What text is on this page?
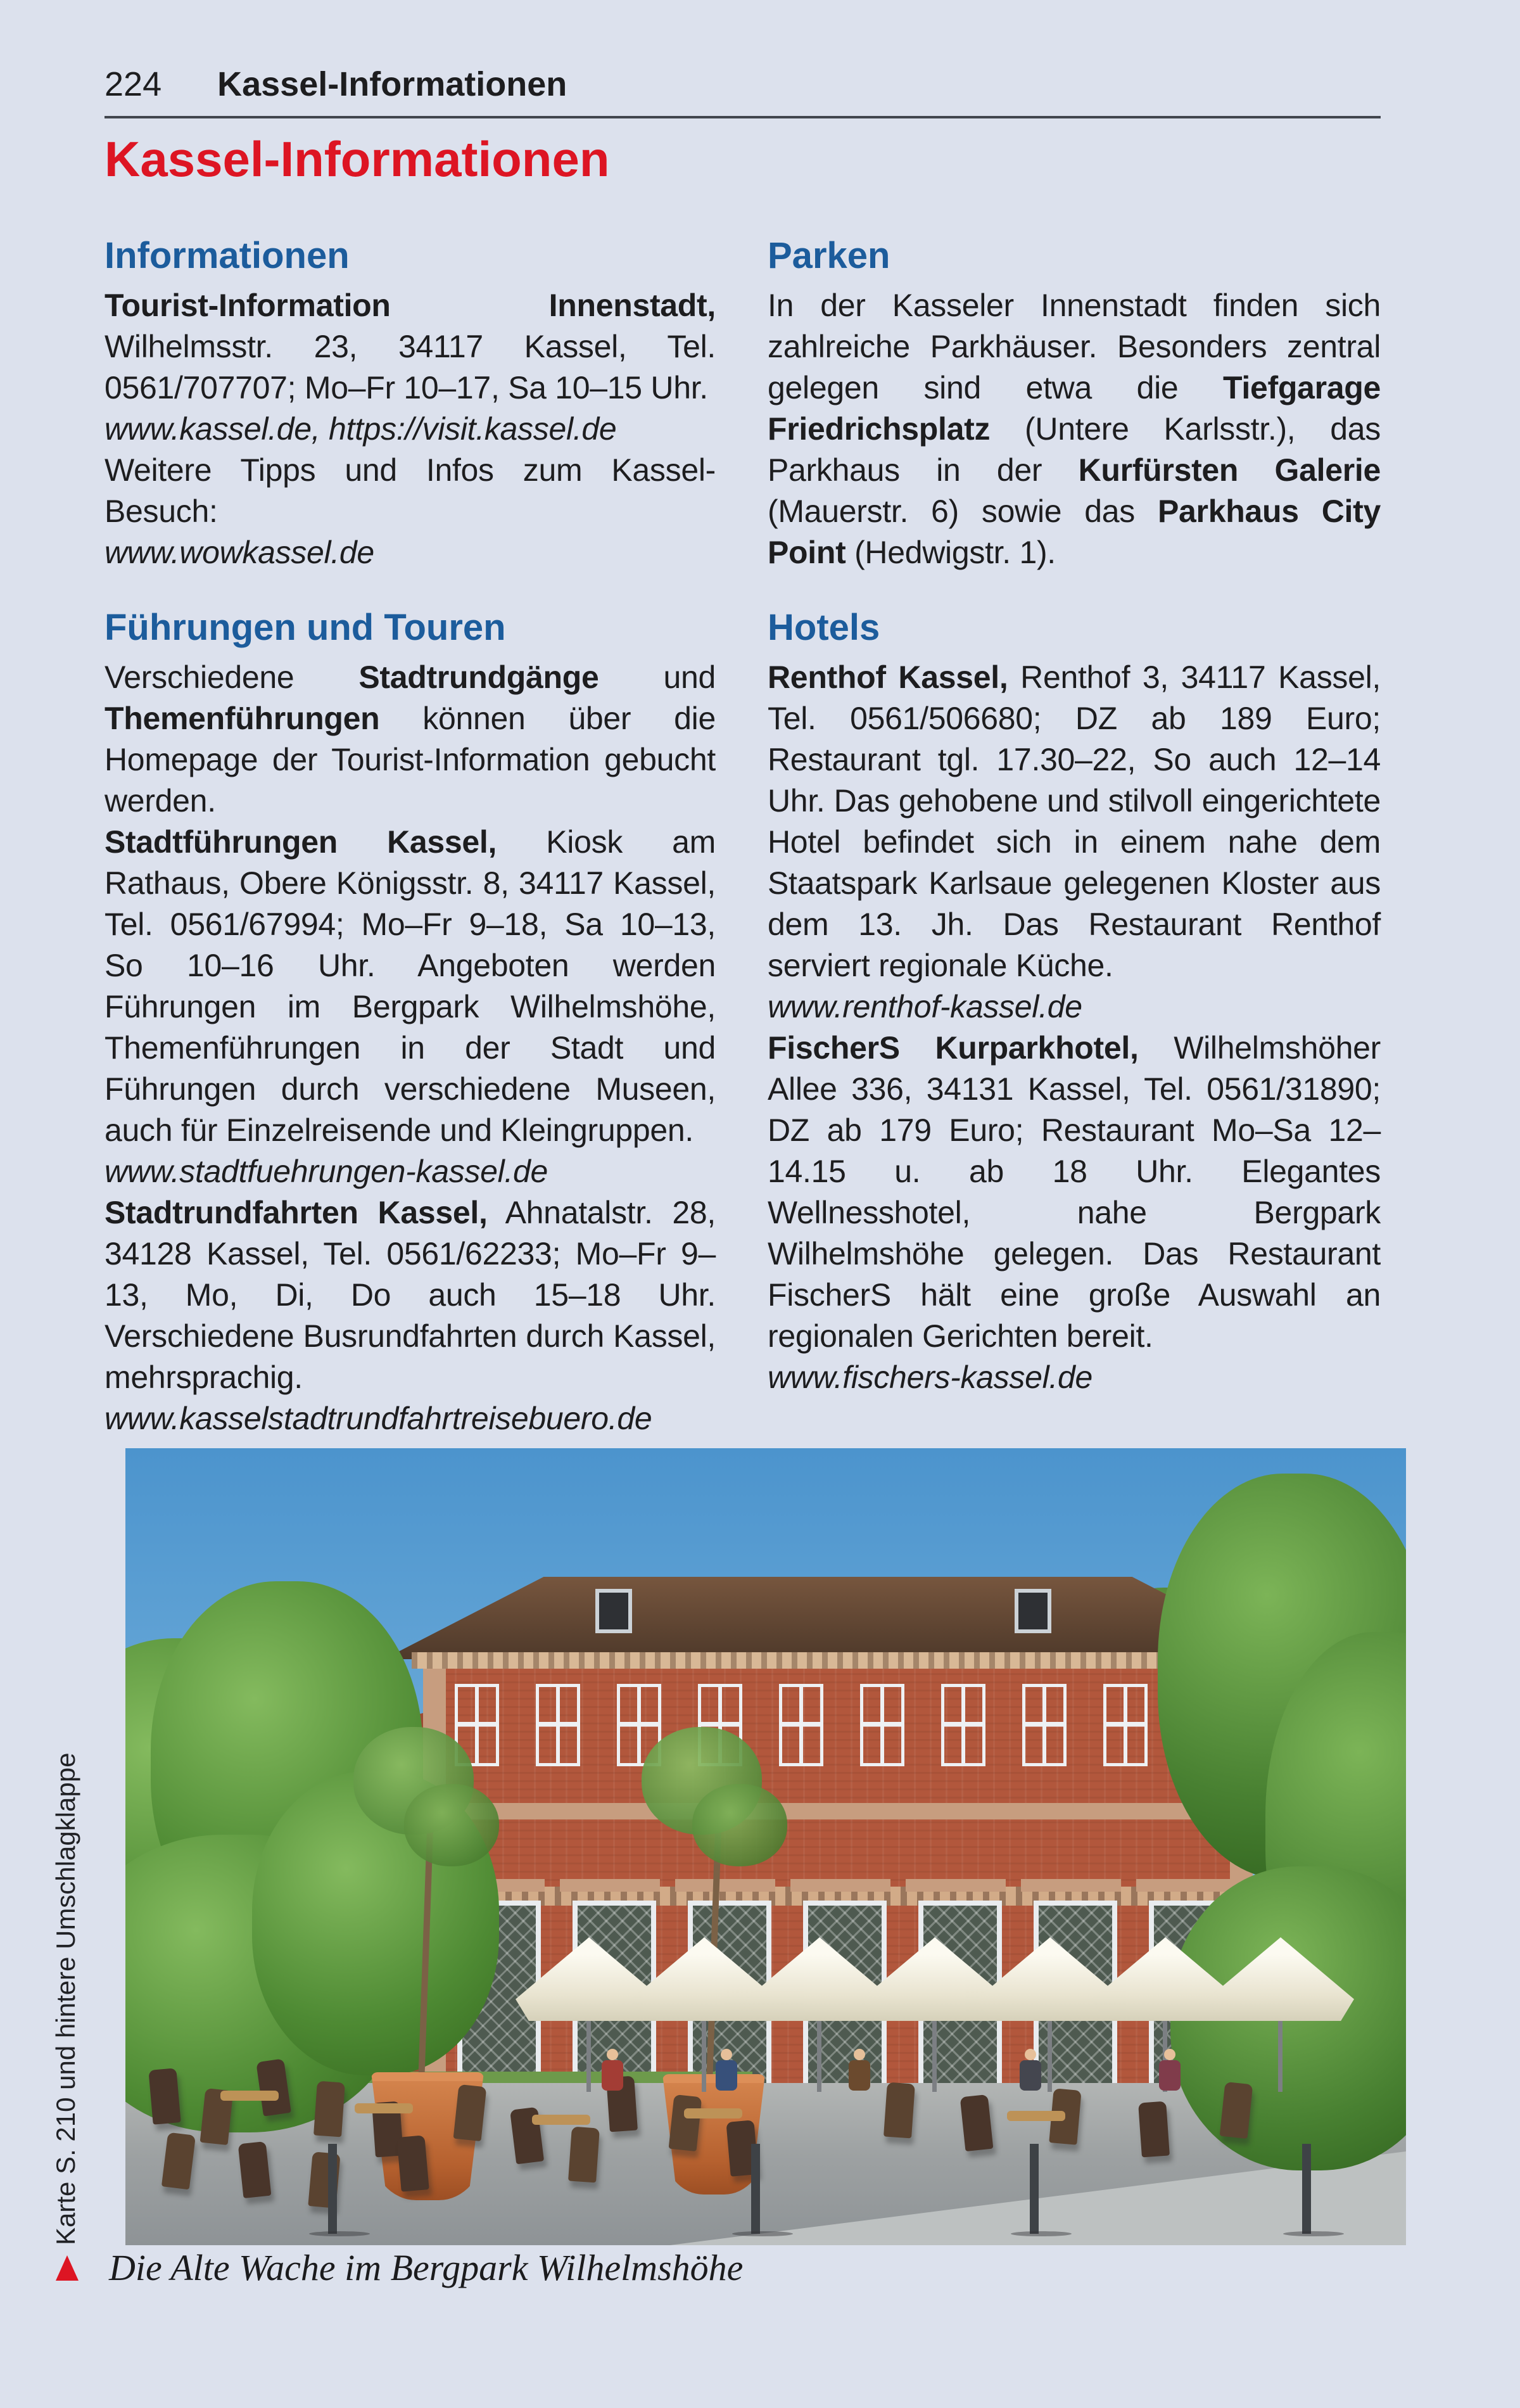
224 Kassel-Informationen
Kassel-Informationen
Informationen

Tourist-Information Innenstadt, Wilhelmsstr. 23, 34117 Kassel, Tel. 0561/707707; Mo–Fr 10–17, Sa 10–15 Uhr.

www.kassel.de, https://visit.kassel.de

Weitere Tipps und Infos zum Kassel-Besuch:

www.wowkassel.de

Führungen und Touren

Verschiedene Stadtrundgänge und Themenführungen können über die Homepage der Tourist-Information gebucht werden.

Stadtführungen Kassel, Kiosk am Rathaus, Obere Königsstr. 8, 34117 Kassel, Tel. 0561/67994; Mo–Fr 9–18, Sa 10–13, So 10–16 Uhr. Angeboten werden Führungen im Bergpark Wilhelmshöhe, Themenführungen in der Stadt und Führungen durch verschiedene Museen, auch für Einzelreisende und Kleingruppen.

www.stadtfuehrungen-kassel.de

Stadtrundfahrten Kassel, Ahnatalstr. 28, 34128 Kassel, Tel. 0561/62233; Mo–Fr 9–13, Mo, Di, Do auch 15–18 Uhr. Verschiedene Busrundfahrten durch Kassel, mehrsprachig.

www.kasselstadtrundfahrtreisebuero.de

Parken

In der Kasseler Innenstadt finden sich zahlreiche Parkhäuser. Besonders zentral gelegen sind etwa die Tiefgarage Friedrichsplatz (Untere Karlsstr.), das Parkhaus in der Kurfürsten Galerie (Mauerstr. 6) sowie das Parkhaus City Point (Hedwigstr. 1).

Hotels

Renthof Kassel, Renthof 3, 34117 Kassel, Tel. 0561/506680; DZ ab 189 Euro; Restaurant tgl. 17.30–22, So auch 12–14 Uhr. Das gehobene und stilvoll eingerichtete Hotel befindet sich in einem nahe dem Staatspark Karlsaue gelegenen Kloster aus dem 13. Jh. Das Restaurant Renthof serviert regionale Küche.

www.renthof-kassel.de

FischerS Kurparkhotel, Wilhelmshöher Allee 336, 34131 Kassel, Tel. 0561/31890; DZ ab 179 Euro; Restaurant Mo–Sa 12–14.15 u. ab 18 Uhr. Elegantes Wellnesshotel, nahe Bergpark Wilhelmshöhe gelegen. Das Restaurant FischerS hält eine große Auswahl an regionalen Gerichten bereit.

www.fischers-kassel.de

Karte S. 210 und hintere Umschlagklappe

Die Alte Wache im Bergpark Wilhelmshöhe
